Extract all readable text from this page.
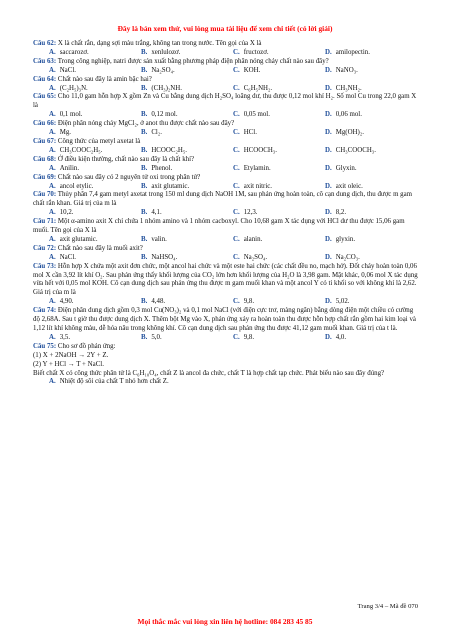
Đây là bản xem thử, vui lòng mua tài liệu để xem chi tiết (có lời giải)
Câu 62: X là chất rắn, dạng sợi màu trắng, không tan trong nước. Tên gọi của X là
A. saccarozơ.	B. xenlulozơ.	C. fructozơ.	D. amilopectin.
Câu 63: Trong công nghiệp, natri được sản xuất bằng phương pháp điện phân nóng chảy chất nào sau đây?
A. NaCl.	B. Na₂SO₄.	C. KOH.	D. NaNO₃.
Câu 64: Chất nào sau đây là amin bậc hai?
A. (C₂H₅)₃N.	B. (CH₃)₂NH.	C. C₆H₅NH₂.	D. CH₃NH₂.
Câu 65: Cho 11,0 gam hỗn hợp X gồm Zn và Cu bằng dung dịch H₂SO₄ loãng dư, thu được 0,12 mol khí H₂. Số mol Cu trong 22,0 gam X là
A. 0,1 mol.	B. 0,12 mol.	C. 0,05 mol.	D. 0,06 mol.
Câu 66: Điện phân nóng chảy MgCl₂, ở anot thu được chất nào sau đây?
A. Mg.	B. Cl₂.	C. HCl.	D. Mg(OH)₂.
Câu 67: Công thức của metyl axetat là
A. CH₃COOC₂H₅.	B. HCOOC₂H₅.	C. HCOOCH₃.	D. CH₃COOCH₃.
Câu 68: Ở điều kiện thường, chất nào sau đây là chất khí?
A. Anilin.	B. Phenol.	C. Etylamin.	D. Glyxin.
Câu 69: Chất nào sau đây có 2 nguyên tử oxi trong phân tử?
A. ancol etylic.	B. axit glutamic.	C. axit nitric.	D. axit oleic.
Câu 70: Thủy phân 7,4 gam metyl axetat trong 150 ml dung dịch NaOH 1M, sau phản ứng hoàn toàn, cô cạn dung dịch, thu được m gam chất rắn khan. Giá trị của m là
A. 10,2.	B. 4,1.	C. 12,3.	D. 8,2.
Câu 71: Một α-amino axit X chỉ chứa 1 nhóm amino và 1 nhóm cacboxyl. Cho 10,68 gam X tác dụng với HCl dư thu được 15,06 gam muối. Tên gọi của X là
A. axit glutamic.	B. valin.	C. alanin.	D. glyxin.
Câu 72: Chất nào sau đây là muối axit?
A. NaCl.	B. NaHSO₄.	C. Na₂SO₄.	D. Na₂CO₃.
Câu 73: Hỗn hợp X chứa một axit đơn chức, một ancol hai chức và một este hai chức (các chất đều no, mạch hở). Đốt cháy hoàn toàn 0,06 mol X cần 3,92 lít khí O₂. Sau phản ứng thấy khối lượng của CO₂ lớn hơn khối lượng của H₂O là 3,98 gam. Mặt khác, 0,06 mol X tác dụng vừa hết với 0,05 mol KOH. Cô cạn dung dịch sau phản ứng thu được m gam muối khan và một ancol Y có tỉ khối so với không khí là 2,62. Giá trị của m là
A. 4,90.	B. 4,48.	C. 9,8.	D. 5,02.
Câu 74: Điện phân dung dịch gồm 0,3 mol Cu(NO₃)₂ và 0,1 mol NaCl (với điện cực trơ, màng ngăn) bằng dòng điện một chiều có cường độ 2,68A. Sau t giờ thu được dung dịch X. Thêm bột Mg vào X, phản ứng xảy ra hoàn toàn thu được hỗn hợp chất rắn gồm hai kim loại và 1,12 lít khí không màu, dễ hóa nâu trong không khí. Cô cạn dung dịch sau phản ứng thu được 41,12 gam muối khan. Giá trị của t là.
A. 3,5.	B. 5,0.	C. 9,8.	D. 4,0.
Câu 75: Cho sơ đồ phản ứng:
(1) X + 2NaOH → 2Y + Z.
(2) Y + HCl → T + NaCl.
Biết chất X có công thức phân tử là C₆H₁₀O₄, chất Z là ancol đa chức, chất T là hợp chất tạp chức. Phát biểu nào sau đây đúng?
A. Nhiệt độ sôi của chất T nhỏ hơn chất Z.
Trang 3/4 – Mã đề 070
Mọi thắc mắc vui lòng xin liên hệ hotline: 084 283 45 85
